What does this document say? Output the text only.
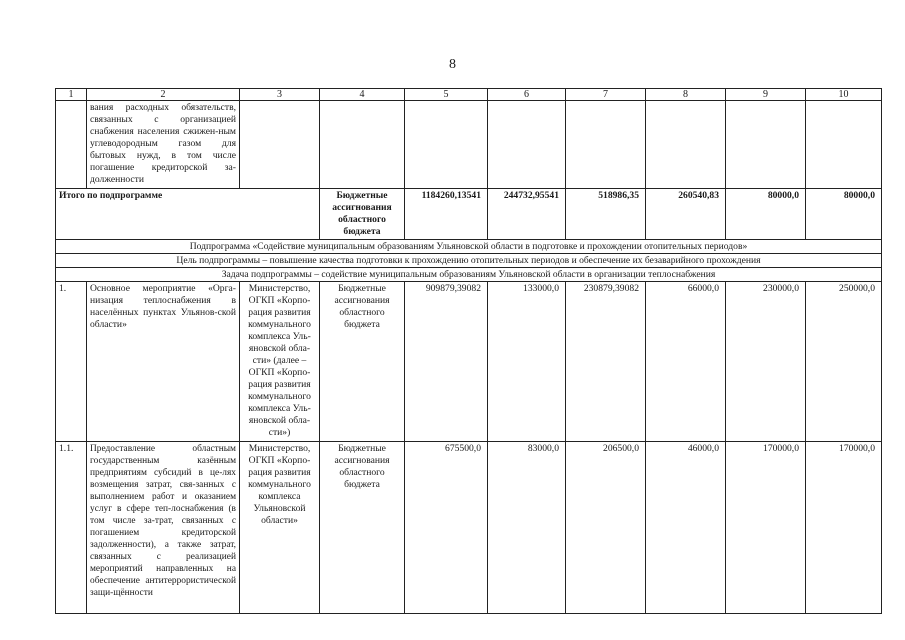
8
1	2	3	4	5	6	7	8	9	10
	вания расходных обязательств, связанных с организацией снабжения населения сжижен-ным углеводородным газом для бытовых нужд, в том числе погашение кредиторской за-долженности								
Итого по подпрограмме			Бюджетные ассигнования областного бюджета	1184260,13541	244732,95541	518986,35	260540,83	80000,0	80000,0
Подпрограмма «Содействие муниципальным образованиям Ульяновской области в подготовке и прохождении отопительных периодов»									
Цель подпрограммы – повышение качества подготовки к прохождению отопительных периодов и обеспечение их безаварийного прохождения									
Задача подпрограммы – содействие муниципальным образованиям Ульяновской области в организации теплоснабжения									
1.	Основное мероприятие «Орга-низация теплоснабжения в населённых пунктах Ульянов-ской области»	Министерство, ОГКП «Корпо-рация развития коммунального комплекса Уль-яновской обла-сти» (далее – ОГКП «Корпо-рация развития коммунального комплекса Уль-яновской обла-сти»)	Бюджетные ассигнования областного бюджета	909879,39082	133000,0	230879,39082	66000,0	230000,0	250000,0
1.1.	Предоставление областным государственным казённым предприятиям субсидий в це-лях возмещения затрат, свя-занных с выполнением работ и оказанием услуг в сфере теп-лоснабжения (в том числе за-трат, связанных с погашением кредиторской задолженности), а также затрат, связанных с реализацией мероприятий направленных на обеспечение антитеррористической защи-щённости	Министерство, ОГКП «Корпо-рация развития коммунального комплекса Ульяновской области»	Бюджетные ассигнования областного бюджета	675500,0	83000,0	206500,0	46000,0	170000,0	170000,0
